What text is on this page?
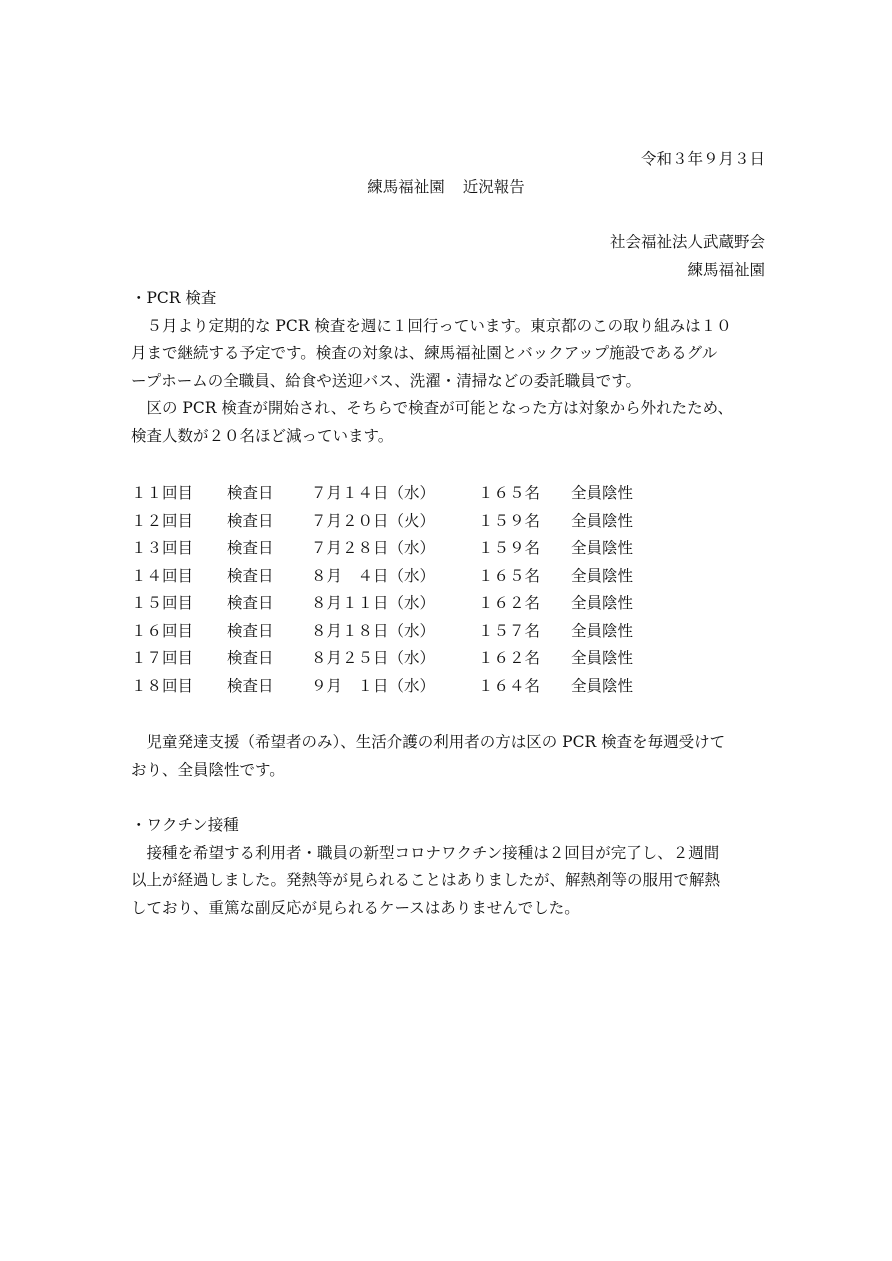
令和３年９月３日
練馬福祉園 近況報告
社会福祉法人武蔵野会
練馬福祉園

・PCR 検査

５月より定期的な PCR 検査を週に１回行っています。東京都のこの取り組みは１０

月まで継続する予定です。検査の対象は、練馬福祉園とバックアップ施設であるグル

ープホームの全職員、給食や送迎バス、洗濯・清掃などの委託職員です。

区の PCR 検査が開始され、そちらで検査が可能となった方は対象から外れたため、

検査人数が２０名ほど減っています。

１１回目 検査日 ７月１４日（水）	１６５名 全員陰性
１２回目 検査日 ７月２０日（火）	１５９名 全員陰性
１３回目 検査日 ７月２８日（水）	１５９名 全員陰性
１４回目 検査日 ８月　４日（水）	１６５名 全員陰性
１５回目 検査日 ８月１１日（水）	１６２名 全員陰性
１６回目 検査日 ８月１８日（水）	１５７名 全員陰性
１７回目 検査日 ８月２５日（水）	１６２名 全員陰性
１８回目 検査日 ９月　１日（水）	１６４名 全員陰性

児童発達支援（希望者のみ）、生活介護の利用者の方は区の PCR 検査を毎週受けて

おり、全員陰性です。

・ワクチン接種

接種を希望する利用者・職員の新型コロナワクチン接種は２回目が完了し、２週間

以上が経過しました。発熱等が見られることはありましたが、解熱剤等の服用で解熱

しており、重篤な副反応が見られるケースはありませんでした。
